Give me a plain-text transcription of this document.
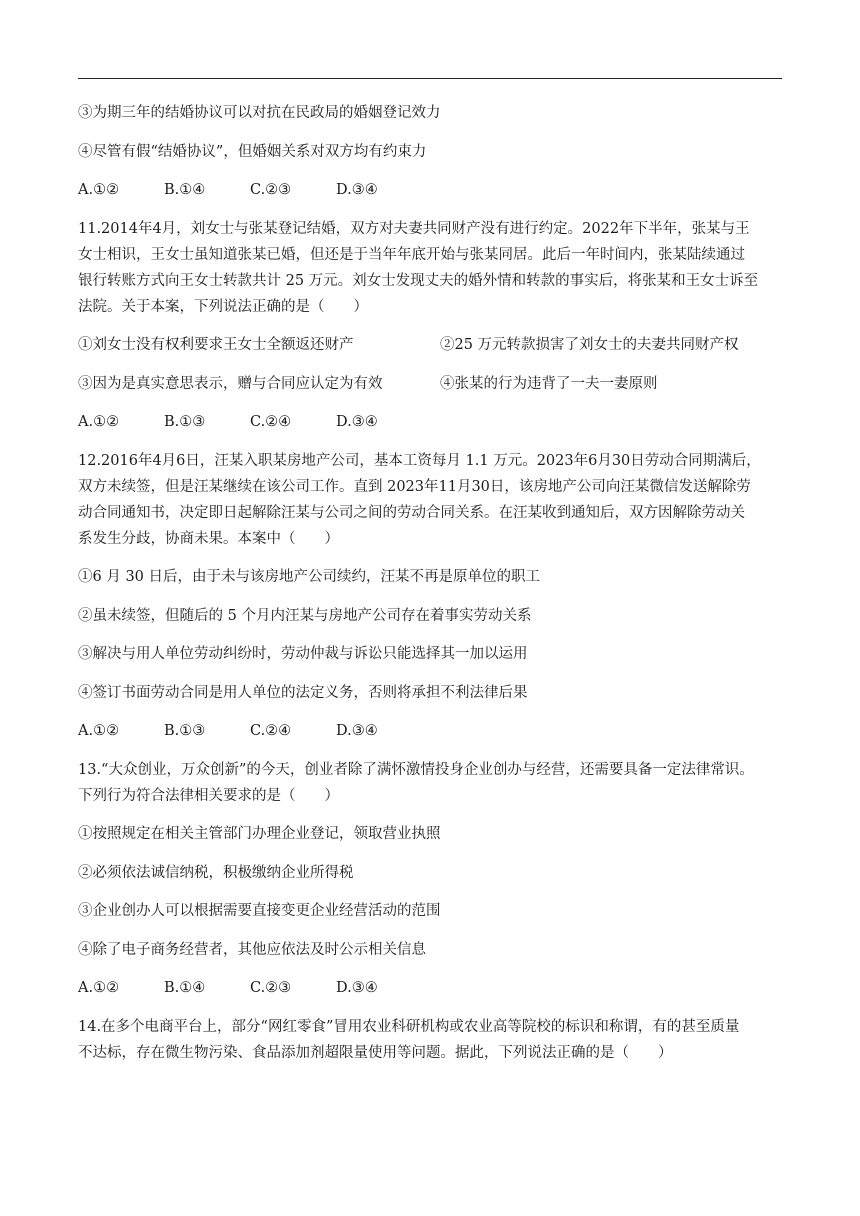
③为期三年的结婚协议可以对抗在民政局的婚姻登记效力
④尽管有假“结婚协议”，但婚姻关系对双方均有约束力
A.①②	B.①④	C.②③	D.③④
11.2014年4月，刘女士与张某登记结婚，双方对夫妻共同财产没有进行约定。2022年下半年，张某与王
女士相识，王女士虽知道张某已婚，但还是于当年年底开始与张某同居。此后一年时间内，张某陆续通过
银行转账方式向王女士转款共计 25 万元。刘女士发现丈夫的婚外情和转款的事实后，将张某和王女士诉至
法院。关于本案，下列说法正确的是（　　）
①刘女士没有权利要求王女士全额返还财产	②25 万元转款损害了刘女士的夫妻共同财产权
③因为是真实意思表示，赠与合同应认定为有效	④张某的行为违背了一夫一妻原则
A.①②	B.①③	C.②④	D.③④
12.2016年4月6日，汪某入职某房地产公司，基本工资每月 1.1 万元。2023年6月30日劳动合同期满后，
双方未续签，但是汪某继续在该公司工作。直到 2023年11月30日，该房地产公司向汪某微信发送解除劳
动合同通知书，决定即日起解除汪某与公司之间的劳动合同关系。在汪某收到通知后，双方因解除劳动关
系发生分歧，协商未果。本案中（　　）
①6 月 30 日后，由于未与该房地产公司续约，汪某不再是原单位的职工
②虽未续签，但随后的 5 个月内汪某与房地产公司存在着事实劳动关系
③解决与用人单位劳动纠纷时，劳动仲裁与诉讼只能选择其一加以运用
④签订书面劳动合同是用人单位的法定义务，否则将承担不利法律后果
A.①②	B.①③	C.②④	D.③④
13.“大众创业，万众创新”的今天，创业者除了满怀激情投身企业创办与经营，还需要具备一定法律常识。
下列行为符合法律相关要求的是（　　）
①按照规定在相关主管部门办理企业登记，领取营业执照
②必须依法诚信纳税，积极缴纳企业所得税
③企业创办人可以根据需要直接变更企业经营活动的范围
④除了电子商务经营者，其他应依法及时公示相关信息
A.①②	B.①④	C.②③	D.③④
14.在多个电商平台上，部分“网红零食”冒用农业科研机构或农业高等院校的标识和称谓，有的甚至质量
不达标，存在微生物污染、食品添加剂超限量使用等问题。据此，下列说法正确的是（　　）
